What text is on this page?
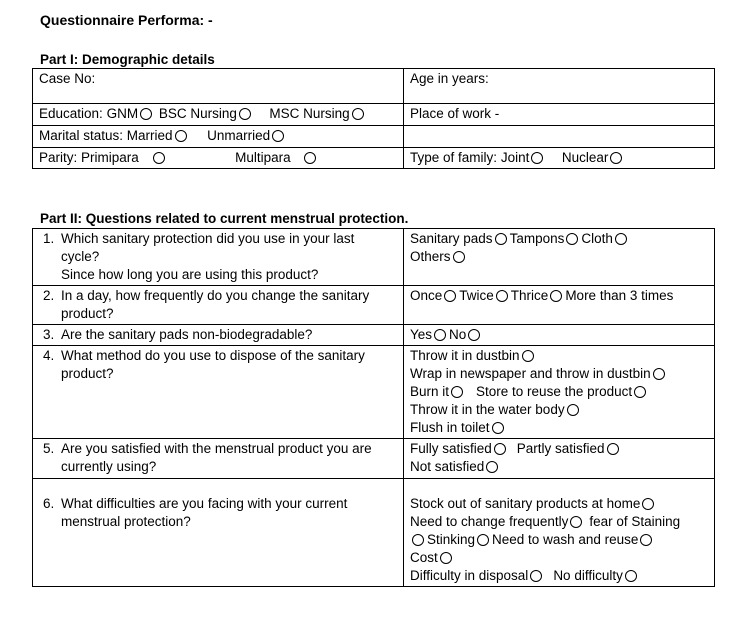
Questionnaire Performa: -
Part I: Demographic details
Case No:	Age in years:
Education: GNM BSC Nursing MSC Nursing	Place of work -
Marital status: Married Unmarried	
Parity: Primipara Multipara	Type of family: Joint Nuclear
Part II: Questions related to current menstrual protection.
1. Which sanitary protection did you use in your last
cycle?
Since how long you are using this product?	Sanitary pads Tampons Cloth
Others
2. In a day, how frequently do you change the sanitary
product?	Once Twice Thrice More than 3 times
3. Are the sanitary pads non-biodegradable?	Yes No
4. What method do you use to dispose of the sanitary
product?	Throw it in dustbin
Wrap in newspaper and throw in dustbin
Burn it Store to reuse the product
Throw it in the water body
Flush in toilet
5. Are you satisfied with the menstrual product you are
currently using?	Fully satisfied Partly satisfied
Not satisfied
6. What difficulties are you facing with your current
menstrual protection?	Stock out of sanitary products at home
Need to change frequently fear of Staining
Stinking Need to wash and reuse
Cost
Difficulty in disposal No difficulty
